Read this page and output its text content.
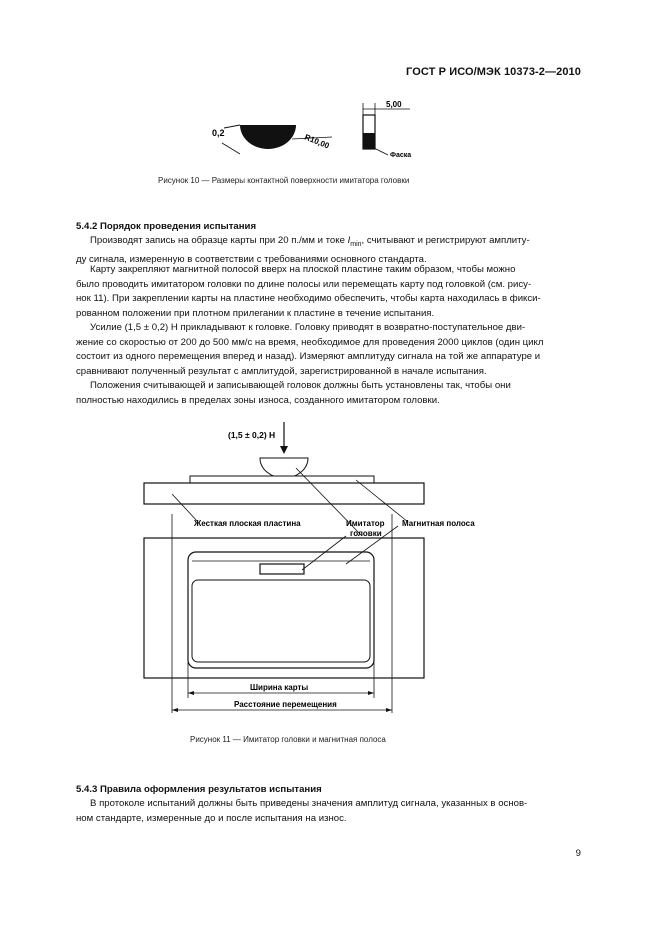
ГОСТ Р ИСО/МЭК 10373-2—2010
0,2	R10,00
5,00
Фаска
Рисунок 10 — Размеры контактной поверхности имитатора головки
5.4.2 Порядок проведения испытания
Производят запись на образце карты при 20 п./мм и токе $I_{min}$, считывают и регистрируют амплиту-
ду сигнала, измеренную в соответствии с требованиями основного стандарта.
Карту закрепляют магнитной полосой вверх на плоской пластине таким образом, чтобы можно
было проводить имитатором головки по длине полосы или перемещать карту под головкой (см. рису-
нок 11). При закреплении карты на пластине необходимо обеспечить, чтобы карта находилась в фикси-
рованном положении при плотном прилегании к пластине в течение испытания.
Усилие (1,5 ± 0,2) Н прикладывают к головке. Головку приводят в возвратно-поступательное дви-
жение со скоростью от 200 до 500 мм/с на время, необходимое для проведения 2000 циклов (один цикл
состоит из одного перемещения вперед и назад). Измеряют амплитуду сигнала на той же аппаратуре и
сравнивают полученный результат с амплитудой, зарегистрированной в начале испытания.
Положения считывающей и записывающей головок должны быть установлены так, чтобы они
полностью находились в пределах зоны износа, созданного имитатором головки.
(1,5 ± 0,2) Н
Жесткая плоская пластина	Имитатор
головки
Магнитная полоса
Ширина карты
Расстояние перемещения
Рисунок 11 — Имитатор головки и магнитная полоса
5.4.3 Правила оформления результатов испытания
В протоколе испытаний должны быть приведены значения амплитуд сигнала, указанных в основ-
ном стандарте, измеренные до и после испытания на износ.
9
